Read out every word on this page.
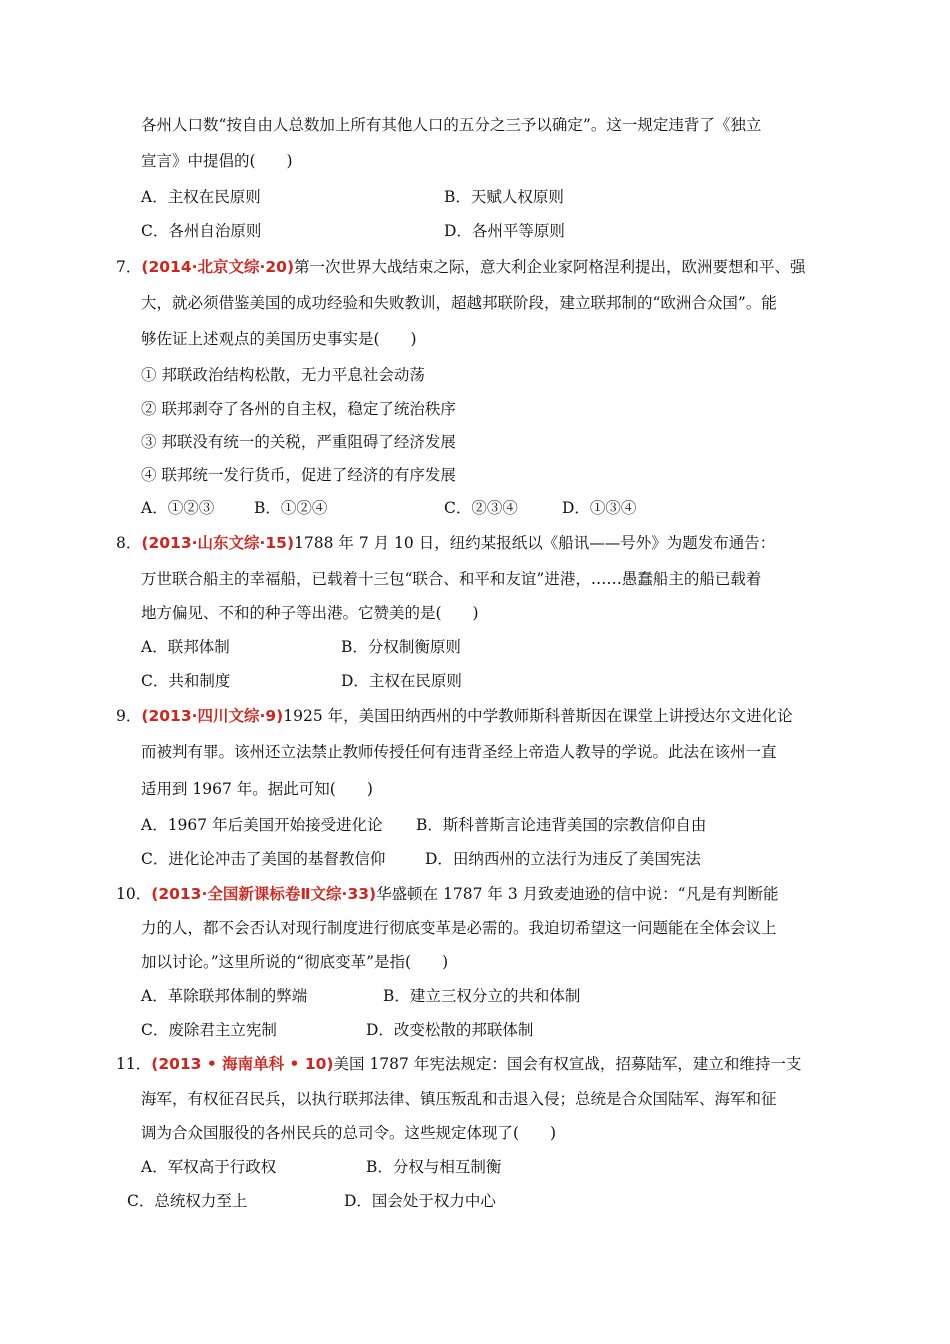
各州人口数“按自由人总数加上所有其他人口的五分之三予以确定”。这一规定违背了《独立
宣言》中提倡的(　　)
A．主权在民原则	B．天赋人权原则
C．各州自治原则	D．各州平等原则
7．(2014·北京文综·20)第一次世界大战结束之际，意大利企业家阿格涅利提出，欧洲要想和平、强
大，就必须借鉴美国的成功经验和失败教训，超越邦联阶段，建立联邦制的“欧洲合众国”。能
够佐证上述观点的美国历史事实是(　　)
① 邦联政治结构松散，无力平息社会动荡
② 联邦剥夺了各州的自主权，稳定了统治秩序
③ 邦联没有统一的关税，严重阻碍了经济发展
④ 联邦统一发行货币，促进了经济的有序发展
A．①②③	B．①②④	C．②③④	D．①③④
8．(2013·山东文综·15)1788 年 7 月 10 日，纽约某报纸以《船讯——号外》为题发布通告：
万世联合船主的幸福船，已载着十三包“联合、和平和友谊”进港，……愚蠢船主的船已载着
地方偏见、不和的种子等出港。它赞美的是(　　)
A．联邦体制	B．分权制衡原则
C．共和制度	D．主权在民原则
9．(2013·四川文综·9)1925 年，美国田纳西州的中学教师斯科普斯因在课堂上讲授达尔文进化论
而被判有罪。该州还立法禁止教师传授任何有违背圣经上帝造人教导的学说。此法在该州一直
适用到 1967 年。据此可知(　　)
A．1967 年后美国开始接受进化论 B．斯科普斯言论违背美国的宗教信仰自由
C．进化论冲击了美国的基督教信仰	D．田纳西州的立法行为违反了美国宪法
10．(2013·全国新课标卷Ⅱ文综·33)华盛顿在 1787 年 3 月致麦迪逊的信中说：“凡是有判断能
力的人，都不会否认对现行制度进行彻底变革是必需的。我迫切希望这一问题能在全体会议上
加以讨论。”这里所说的“彻底变革”是指(　　)
A．革除联邦体制的弊端	B．建立三权分立的共和体制
C．废除君主立宪制	D．改变松散的邦联体制
11．(2013 • 海南单科 • 10)美国 1787 年宪法规定：国会有权宣战，招募陆军，建立和维持一支
海军，有权征召民兵，以执行联邦法律、镇压叛乱和击退入侵；总统是合众国陆军、海军和征
调为合众国服役的各州民兵的总司令。这些规定体现了(　　)
A．军权高于行政权	B．分权与相互制衡
C．总统权力至上	D．国会处于权力中心
